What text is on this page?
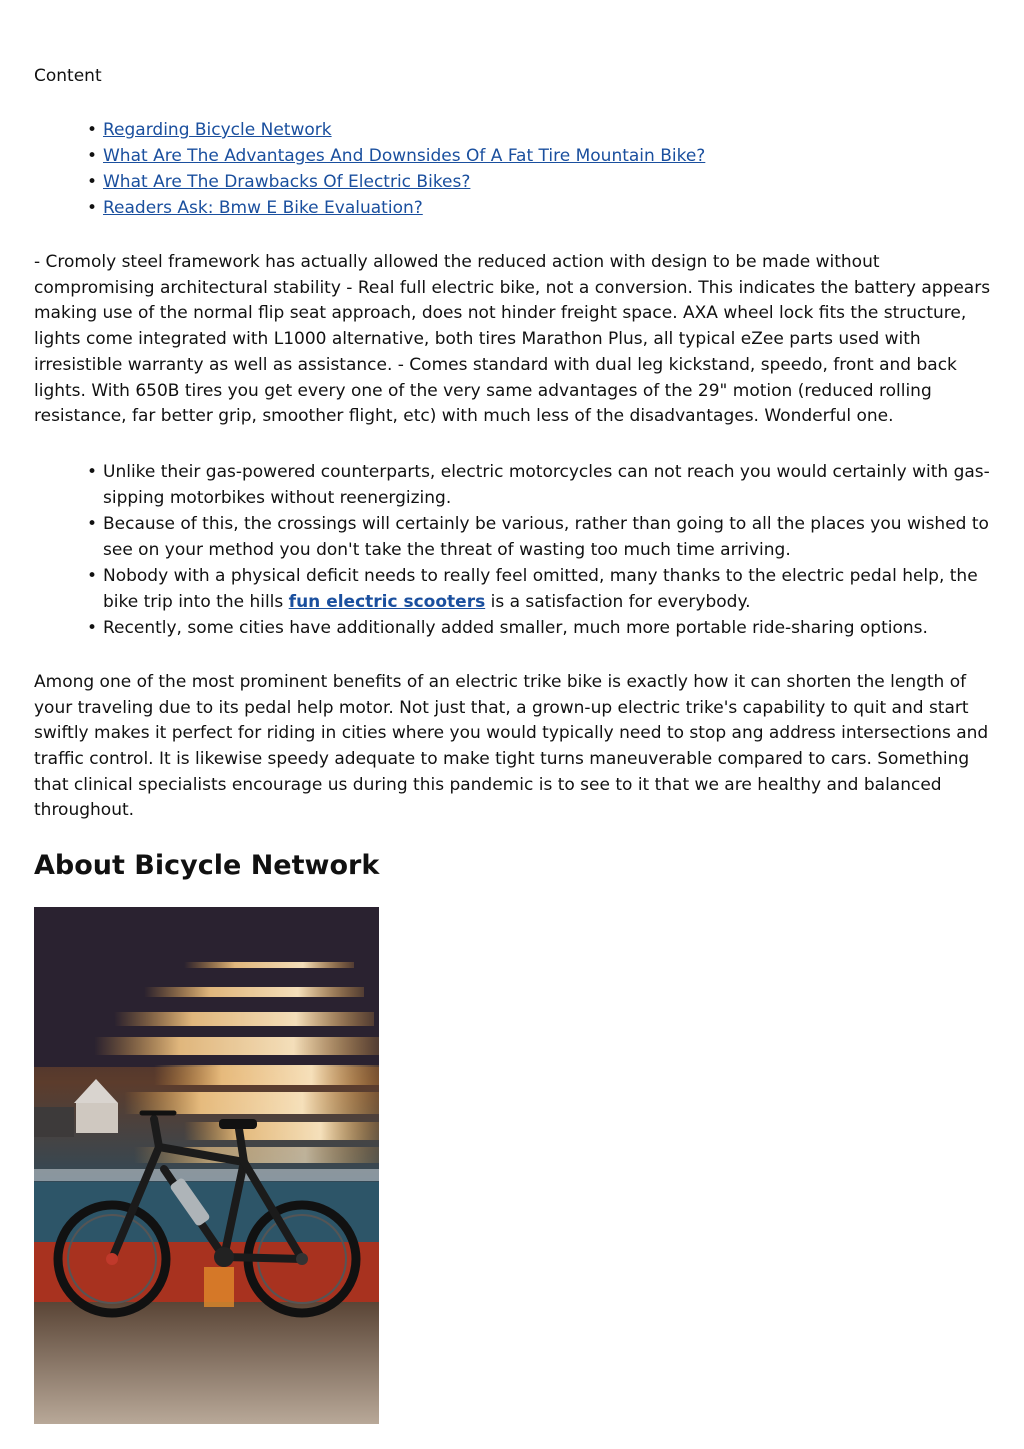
Content
• Regarding Bicycle Network
• What Are The Advantages And Downsides Of A Fat Tire Mountain Bike?
• What Are The Drawbacks Of Electric Bikes?
• Readers Ask: Bmw E Bike Evaluation?

- Cromoly steel framework has actually allowed the reduced action with design to be made without compromising architectural stability - Real full electric bike, not a conversion. This indicates the battery appears making use of the normal flip seat approach, does not hinder freight space. AXA wheel lock fits the structure, lights come integrated with L1000 alternative, both tires Marathon Plus, all typical eZee parts used with irresistible warranty as well as assistance. - Comes standard with dual leg kickstand, speedo, front and back lights. With 650B tires you get every one of the very same advantages of the 29" motion (reduced rolling resistance, far better grip, smoother flight, etc) with much less of the disadvantages. Wonderful one.

• Unlike their gas-powered counterparts, electric motorcycles can not reach you would certainly with gas-sipping motorbikes without reenergizing.
• Because of this, the crossings will certainly be various, rather than going to all the places you wished to see on your method you don't take the threat of wasting too much time arriving.
• Nobody with a physical deficit needs to really feel omitted, many thanks to the electric pedal help, the bike trip into the hills fun electric scooters is a satisfaction for everybody.
• Recently, some cities have additionally added smaller, much more portable ride-sharing options.

Among one of the most prominent benefits of an electric trike bike is exactly how it can shorten the length of your traveling due to its pedal help motor. Not just that, a grown-up electric trike's capability to quit and start swiftly makes it perfect for riding in cities where you would typically need to stop ang address intersections and traffic control. It is likewise speedy adequate to make tight turns maneuverable compared to cars. Something that clinical specialists encourage us during this pandemic is to see to it that we are healthy and balanced throughout.

About Bicycle Network
